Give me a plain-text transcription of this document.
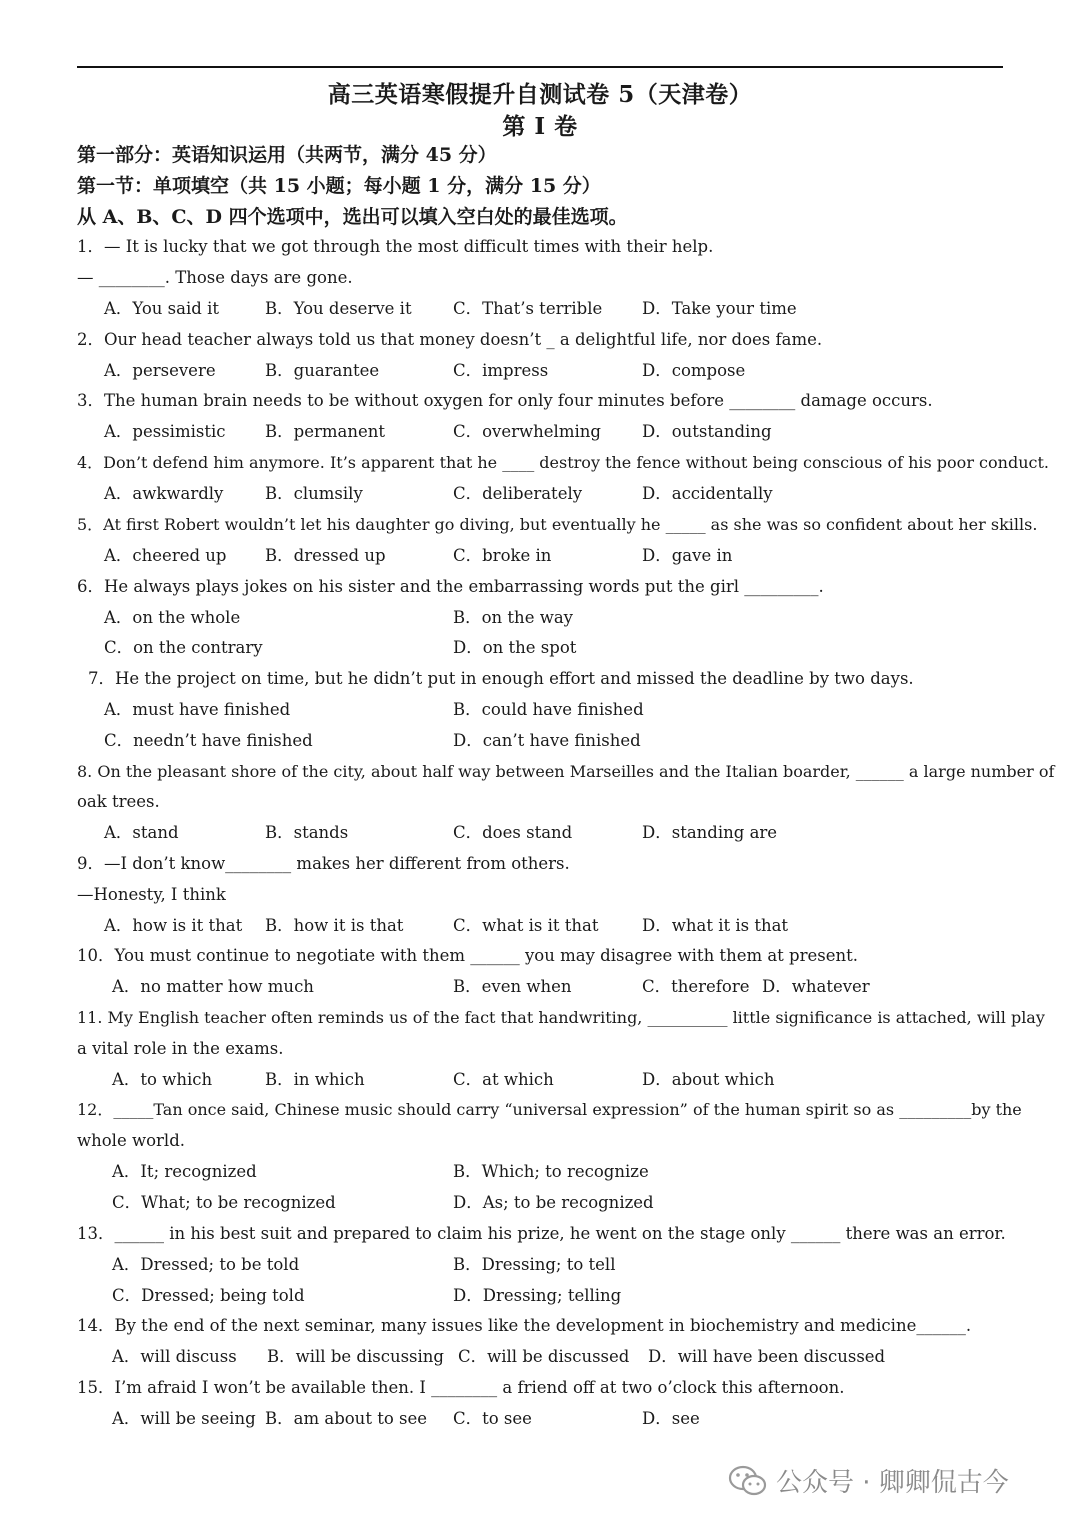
高三英语寒假提升自测试卷 5（天津卷）
第 I 卷
第一部分：英语知识运用（共两节，满分 45 分）
第一节：单项填空（共 15 小题；每小题 1 分，满分 15 分）
从 A、B、C、D 四个选项中，选出可以填入空白处的最佳选项。
1．— It is lucky that we got through the most difficult times with their help.
— ________. Those days are gone.
A．You said it	B．You deserve it	C．That’s terrible D．Take your time
2．Our head teacher always told us that money doesn’t _ a delightful life, nor does fame.
A．persevere	B．guarantee	C．impress	D．compose
3．The human brain needs to be without oxygen for only four minutes before ________ damage occurs.
A．pessimistic B．permanent	C．overwhelming D．outstanding
4．Don’t defend him anymore. It’s apparent that he ____ destroy the fence without being conscious of his poor conduct.
A．awkwardly	B．clumsily	C．deliberately	D．accidentally
5．At first Robert wouldn’t let his daughter go diving, but eventually he _____ as she was so confident about her skills.
A．cheered up B．dressed up	C．broke in	D．gave in
6．He always plays jokes on his sister and the embarrassing words put the girl _________.
A．on the whole	B．on the way
C．on the contrary	D．on the spot
7．He the project on time, but he didn’t put in enough effort and missed the deadline by two days.
A．must have finished	B．could have finished
C．needn’t have finished	D．can’t have finished
8. On the pleasant shore of the city, about half way between Marseilles and the Italian boarder, ______ a large number of
oak trees.
A．stand	B．stands	C．does stand	D．standing are
9．—I don’t know________ makes her different from others.
—Honesty, I think
A．how is it that B．how it is that	C．what is it that	D．what it is that
10．You must continue to negotiate with them ______ you may disagree with them at present.
A．no matter how much	B．even when	C．therefore D．whatever
11. My English teacher often reminds us of the fact that handwriting, __________ little significance is attached, will play
a vital role in the exams.
A．to which	B．in which	C．at which	D．about which
12．_____Tan once said, Chinese music should carry “universal expression” of the human spirit so as _________by the
whole world.
A．It; recognized	B．Which; to recognize
C．What; to be recognized	D．As; to be recognized
13．______ in his best suit and prepared to claim his prize, he went on the stage only ______ there was an error.
A．Dressed; to be told	B．Dressing; to tell
C．Dressed; being told	D．Dressing; telling
14．By the end of the next seminar, many issues like the development in biochemistry and medicine______.
A．will discuss B．will be discussing C．will be discussed D．will have been discussed
15．I’m afraid I won’t be available then. I ________ a friend off at two o’clock this afternoon.
A．will be seeing B．am about to see C．to see	D．see
公众号 · 卿卿侃古今
